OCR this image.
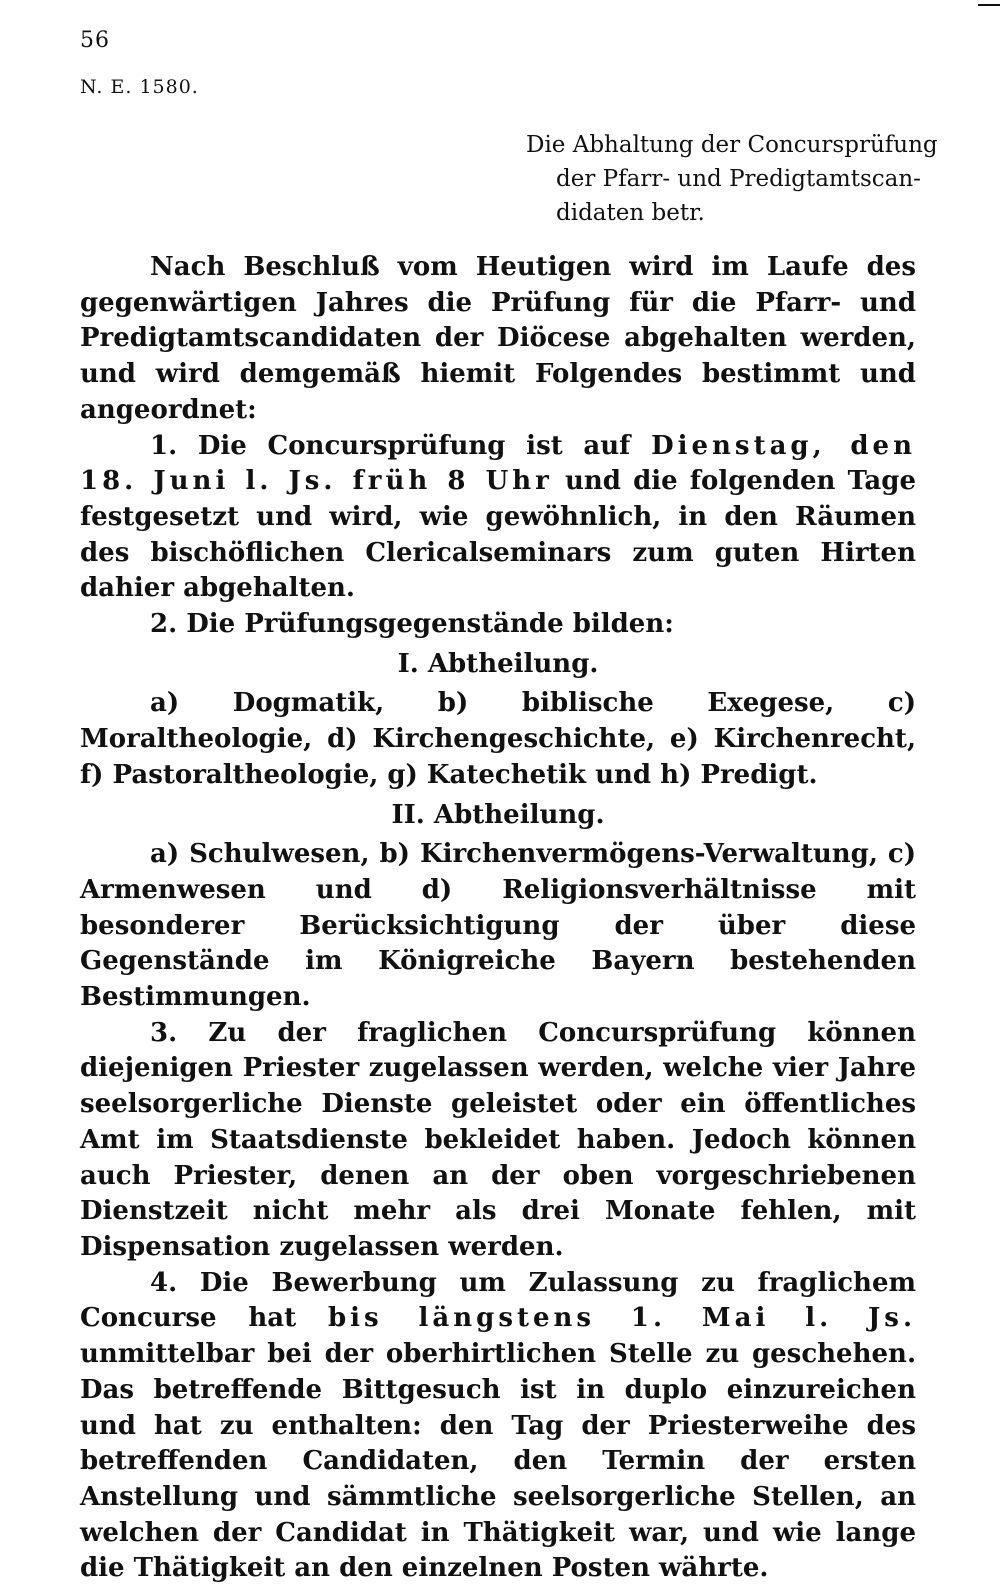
56
N. E. 1580.
Die Abhaltung der Concursprüfung
der Pfarr- und Predigtamtscan-
didaten betr.

Nach Beschluß vom Heutigen wird im Laufe des gegenwärtigen Jahres die Prüfung für die Pfarr- und Predigtamtscandidaten der Diöcese abgehalten werden, und wird demgemäß hiemit Folgendes bestimmt und angeordnet:

1. Die Concursprüfung ist auf Dienstag, den 18. Juni l. Js. früh 8 Uhr und die folgenden Tage festgesetzt und wird, wie gewöhnlich, in den Räumen des bischöflichen Clericalseminars zum guten Hirten dahier abgehalten.

2. Die Prüfungsgegenstände bilden:

I. Abtheilung.

a) Dogmatik, b) biblische Exegese, c) Moraltheologie, d) Kirchengeschichte, e) Kirchenrecht, f) Pastoraltheologie, g) Katechetik und h) Predigt.

II. Abtheilung.

a) Schulwesen, b) Kirchenvermögens-Verwaltung, c) Armenwesen und d) Religionsverhältnisse mit besonderer Berücksichtigung der über diese Gegenstände im Königreiche Bayern bestehenden Bestimmungen.

3. Zu der fraglichen Concursprüfung können diejenigen Priester zugelassen werden, welche vier Jahre seelsorgerliche Dienste geleistet oder ein öffentliches Amt im Staatsdienste bekleidet haben. Jedoch können auch Priester, denen an der oben vorgeschriebenen Dienstzeit nicht mehr als drei Monate fehlen, mit Dispensation zugelassen werden.

4. Die Bewerbung um Zulassung zu fraglichem Concurse hat bis längstens 1. Mai l. Js. unmittelbar bei der oberhirtlichen Stelle zu geschehen. Das betreffende Bittgesuch ist in duplo einzureichen und hat zu enthalten: den Tag der Priesterweihe des betreffenden Candidaten, den Termin der ersten Anstellung und sämmtliche seelsorgerliche Stellen, an welchen der Candidat in Thätigkeit war, und wie lange die Thätigkeit an den einzelnen Posten währte.
